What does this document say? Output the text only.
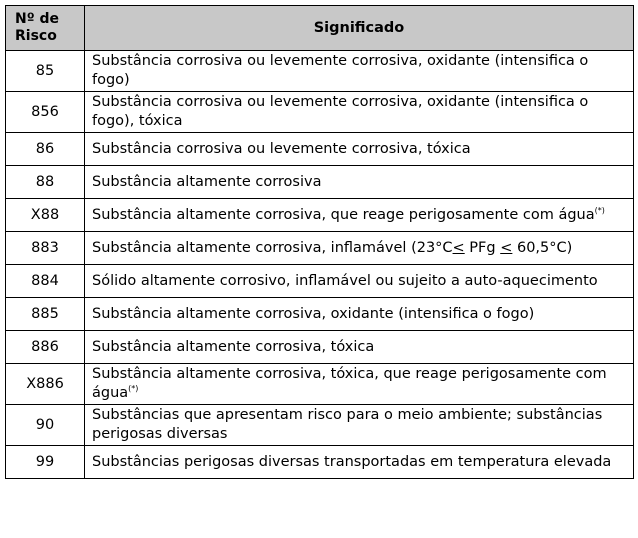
Nº de Risco	Significado
85	Substância corrosiva ou levemente corrosiva, oxidante (intensifica o fogo)
856	Substância corrosiva ou levemente corrosiva, oxidante (intensifica o fogo), tóxica
86	Substância corrosiva ou levemente corrosiva, tóxica
88	Substância altamente corrosiva
X88	Substância altamente corrosiva, que reage perigosamente com água(*)
883	Substância altamente corrosiva, inflamável (23°C< PFg < 60,5°C)
884	Sólido altamente corrosivo, inflamável ou sujeito a auto-aquecimento
885	Substância altamente corrosiva, oxidante (intensifica o fogo)
886	Substância altamente corrosiva, tóxica
X886	Substância altamente corrosiva, tóxica, que reage perigosamente com água(*)
90	Substâncias que apresentam risco para o meio ambiente; substâncias perigosas diversas
99	Substâncias perigosas diversas transportadas em temperatura elevada
